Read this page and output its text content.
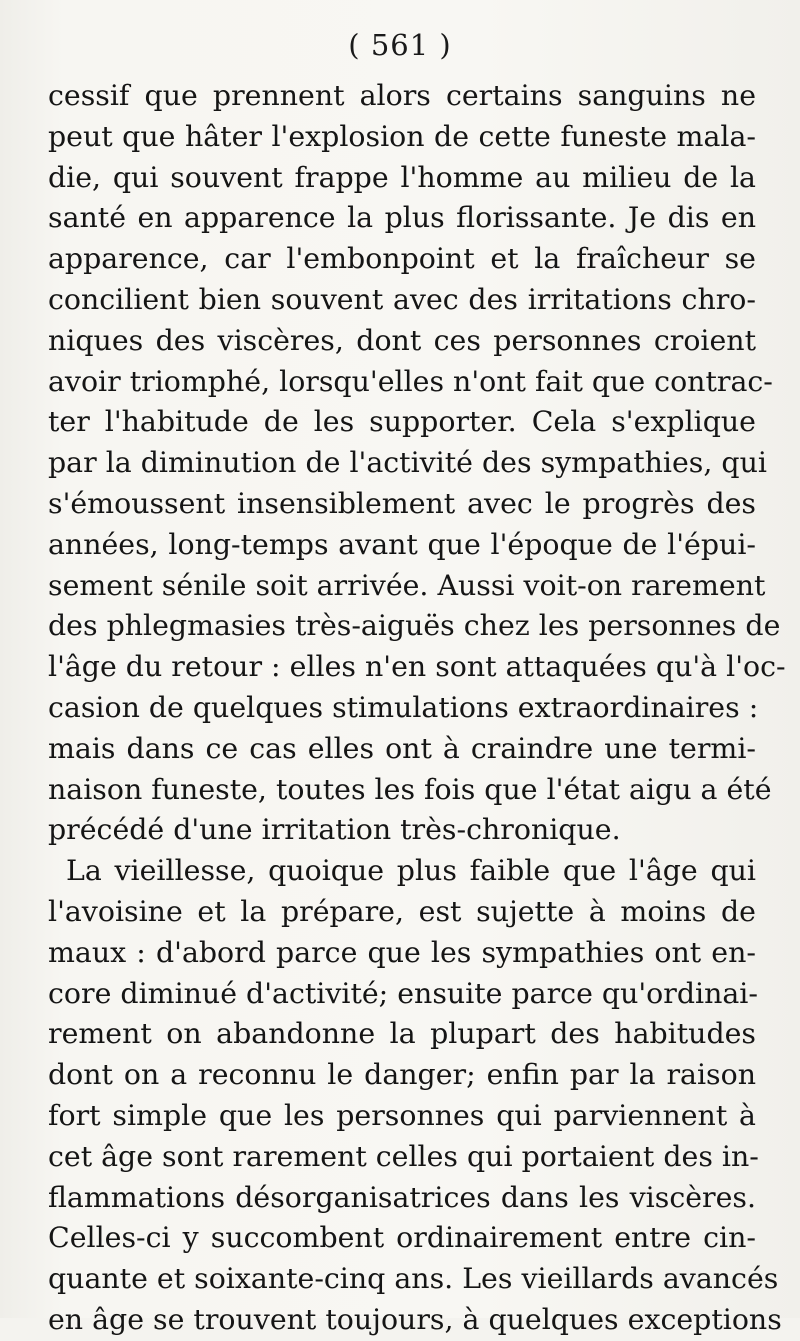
( 561 )
cessif que prennent alors certains sanguins ne
peut que hâter l'explosion de cette funeste mala-
die, qui souvent frappe l'homme au milieu de la
santé en apparence la plus florissante. Je dis en
apparence, car l'embonpoint et la fraîcheur se
concilient bien souvent avec des irritations chro-
niques des viscères, dont ces personnes croient
avoir triomphé, lorsqu'elles n'ont fait que contrac-
ter l'habitude de les supporter. Cela s'explique
par la diminution de l'activité des sympathies, qui
s'émoussent insensiblement avec le progrès des
années, long-temps avant que l'époque de l'épui-
sement sénile soit arrivée. Aussi voit-on rarement
des phlegmasies très-aiguës chez les personnes de
l'âge du retour : elles n'en sont attaquées qu'à l'oc-
casion de quelques stimulations extraordinaires :
mais dans ce cas elles ont à craindre une termi-
naison funeste, toutes les fois que l'état aigu a été
précédé d'une irritation très-chronique.
La vieillesse, quoique plus faible que l'âge qui
l'avoisine et la prépare, est sujette à moins de
maux : d'abord parce que les sympathies ont en-
core diminué d'activité; ensuite parce qu'ordinai-
rement on abandonne la plupart des habitudes
dont on a reconnu le danger; enfin par la raison
fort simple que les personnes qui parviennent à
cet âge sont rarement celles qui portaient des in-
flammations désorganisatrices dans les viscères.
Celles-ci y succombent ordinairement entre cin-
quante et soixante-cinq ans. Les vieillards avancés
en âge se trouvent toujours, à quelques exceptions
